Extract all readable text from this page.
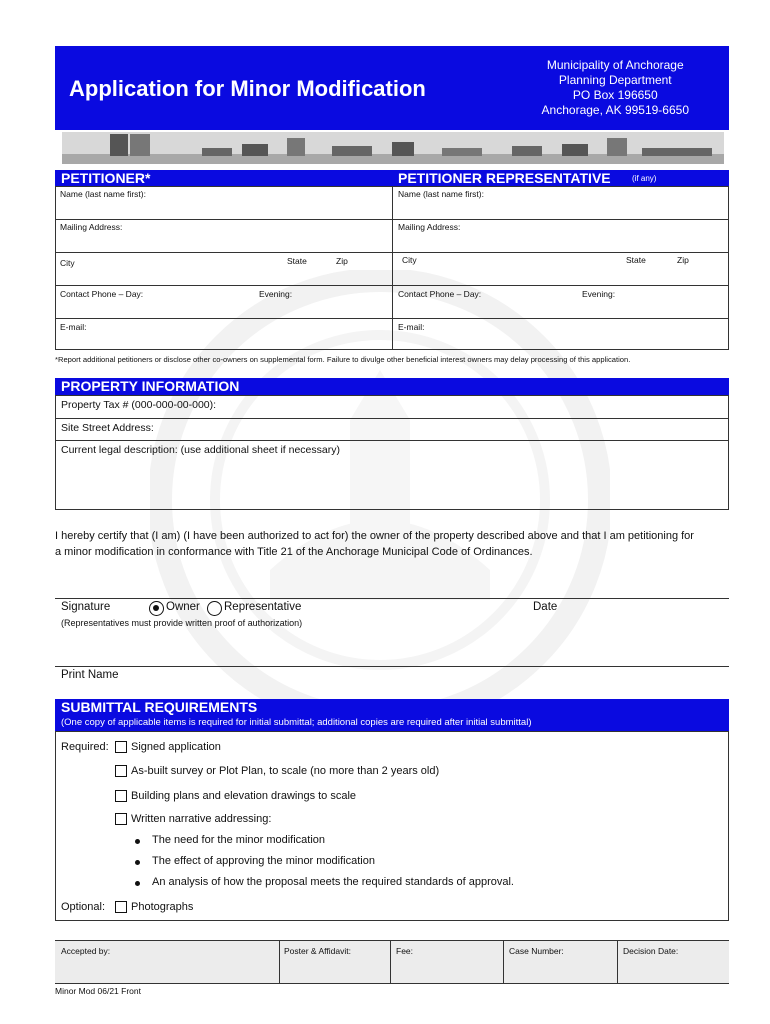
Application for Minor Modification
Municipality of Anchorage
Planning Department
PO Box 196650
Anchorage, AK 99519-6650
PETITIONER*	PETITIONER REPRESENTATIVE	(if any)
Name (last name first):
Mailing Address:
City	State	Zip
Contact Phone – Day:	Evening:
E-mail:
Name (last name first):
Mailing Address:
City	State	Zip
Contact Phone – Day:	Evening:
E-mail:
*Report additional petitioners or disclose other co-owners on supplemental form. Failure to divulge other beneficial interest owners may delay processing of this application.
PROPERTY INFORMATION
Property Tax # (000-000-00-000):
Site Street Address:
Current legal description: (use additional sheet if necessary)
I hereby certify that (I am) (I have been authorized to act for) the owner of the property described above and that I am petitioning for
a minor modification in conformance with Title 21 of the Anchorage Municipal Code of Ordinances.
Signature	Owner Representative	Date
(Representatives must provide written proof of authorization)
Print Name
SUBMITTAL REQUIREMENTS
(One copy of applicable items is required for initial submittal; additional copies are required after initial submittal)
Required: Signed application
As-built survey or Plot Plan, to scale (no more than 2 years old)
Building plans and elevation drawings to scale
Written narrative addressing:
The need for the minor modification
The effect of approving the minor modification
An analysis of how the proposal meets the required standards of approval.
Optional: Photographs
Accepted by:	Poster & Affidavit:	Fee:	Case Number:	Decision Date:
Minor Mod 06/21 Front
